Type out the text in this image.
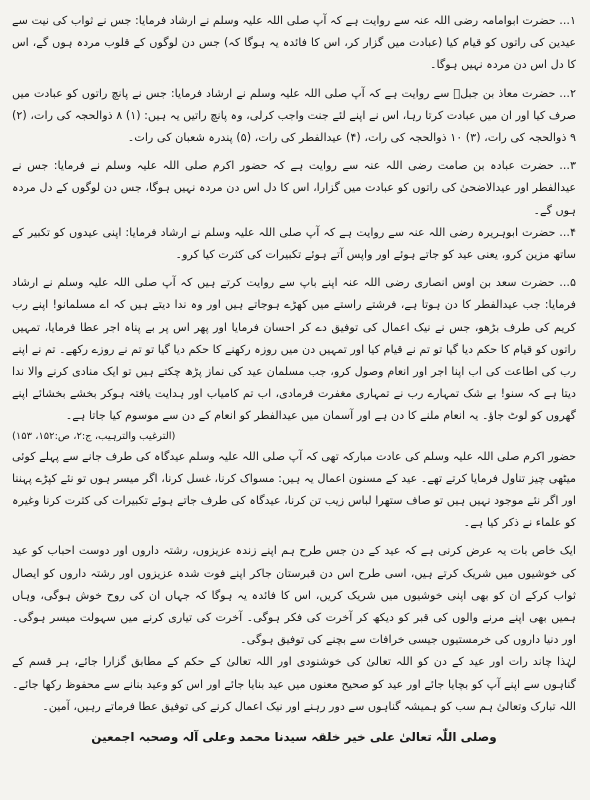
۱... حضرت ابوامامہ رضی اللہ عنہ سے روایت ہے کہ آپ صلی اللہ علیہ وسلم نے ارشاد فرمایا: جس نے ثواب کی نیت سے عیدین کی راتوں کو قیام کیا (عبادت میں گزار کر، اس کا فائدہ یہ ہوگا کہ) جس دن لوگوں کے قلوب مردہ ہوں گے، اس کا دل اس دن مردہ نہیں ہوگا۔

۲... حضرت معاذ بن جبلؓ سے روایت ہے کہ آپ صلی اللہ علیہ وسلم نے ارشاد فرمایا: جس نے پانچ راتوں کو عبادت میں صرف کیا اور ان میں عبادت کرتا رہا، اس نے اپنے لئے جنت واجب کرلی، وہ پانچ راتیں یہ ہیں: (۱) ۸ ذوالحجہ کی رات، (۲) ۹ ذوالحجہ کی رات، (۳) ۱۰ ذوالحجہ کی رات، (۴) عیدالفطر کی رات، (۵) پندرہ شعبان کی رات۔

۳... حضرت عبادہ بن صامت رضی اللہ عنہ سے روایت ہے کہ حضور اکرم صلی اللہ علیہ وسلم نے فرمایا: جس نے عیدالفطر اور عیدالاضحیٰ کی راتوں کو عبادت میں گزارا، اس کا دل اس دن مردہ نہیں ہوگا، جس دن لوگوں کے دل مردہ ہوں گے۔

۴... حضرت ابوہریرہ رضی اللہ عنہ سے روایت ہے کہ آپ صلی اللہ علیہ وسلم نے ارشاد فرمایا: اپنی عیدوں کو تکبیر کے ساتھ مزین کرو، یعنی عید کو جاتے ہوئے اور واپس آتے ہوئے تکبیرات کی کثرت کیا کرو۔

۵... حضرت سعد بن اوس انصاری رضی اللہ عنہ اپنے باپ سے روایت کرتے ہیں کہ آپ صلی اللہ علیہ وسلم نے ارشاد فرمایا: جب عیدالفطر کا دن ہوتا ہے، فرشتے راستے میں کھڑے ہوجاتے ہیں اور وہ ندا دیتے ہیں کہ اے مسلمانو! اپنے رب کریم کی طرف بڑھو، جس نے نیک اعمال کی توفیق دے کر احسان فرمایا اور پھر اس پر بے پناہ اجر عطا فرمایا، تمہیں راتوں کو قیام کا حکم دیا گیا تو تم نے قیام کیا اور تمہیں دن میں روزہ رکھنے کا حکم دیا گیا تو تم نے روزے رکھے۔ تم نے اپنے رب کی اطاعت کی اب اپنا اجر اور انعام وصول کرو، جب مسلمان عید کی نماز پڑھ چکتے ہیں تو ایک منادی کرنے والا ندا دیتا ہے کہ سنو! بے شک تمہارے رب نے تمہاری مغفرت فرمادی، اب تم کامیاب اور ہدایت یافتہ ہوکر بخشے بخشائے اپنے گھروں کو لوٹ جاؤ۔ یہ انعام ملنے کا دن ہے اور آسمان میں عیدالفطر کو انعام کے دن سے موسوم کیا جاتا ہے۔

(الترغیب والترہیب، ج:۲، ص:۱۵۲، ۱۵۳)

حضور اکرم صلی اللہ علیہ وسلم کی عادت مبارکہ تھی کہ آپ صلی اللہ علیہ وسلم عیدگاہ کی طرف جانے سے پہلے کوئی میٹھی چیز تناول فرمایا کرتے تھے۔ عید کے مسنون اعمال یہ ہیں: مسواک کرنا، غسل کرنا، اگر میسر ہوں تو نئے کپڑے پہننا اور اگر نئے موجود نہیں ہیں تو صاف ستھرا لباس زیب تن کرنا، عیدگاہ کی طرف جاتے ہوئے تکبیرات کی کثرت کرنا وغیرہ کو علماء نے ذکر کیا ہے۔

ایک خاص بات یہ عرض کرنی ہے کہ عید کے دن جس طرح ہم اپنے زندہ عزیزوں، رشتہ داروں اور دوست احباب کو عید کی خوشیوں میں شریک کرتے ہیں، اسی طرح اس دن قبرستان جاکر اپنے فوت شدہ عزیزوں اور رشتہ داروں کو ایصال ثواب کرکے ان کو بھی اپنی خوشیوں میں شریک کریں، اس کا فائدہ یہ ہوگا کہ جہاں ان کی روح خوش ہوگی، وہاں ہمیں بھی اپنے مرنے والوں کی قبر کو دیکھ کر آخرت کی فکر ہوگی۔ آخرت کی تیاری کرنے میں سہولت میسر ہوگی۔ اور دنیا داروں کی خرمستیوں جیسی خرافات سے بچنے کی توفیق ہوگی۔

لہٰذا چاند رات اور عید کے دن کو اللہ تعالیٰ کی خوشنودی اور اللہ تعالیٰ کے حکم کے مطابق گزارا جائے، ہر قسم کے گناہوں سے اپنے آپ کو بچایا جائے اور عید کو صحیح معنوں میں عید بنایا جائے اور اس کو وعید بنانے سے محفوظ رکھا جائے۔ اللہ تبارک وتعالیٰ ہم سب کو ہمیشہ گناہوں سے دور رہنے اور نیک اعمال کرنے کی توفیق عطا فرماتے رہیں، آمین۔

وصلی اللّٰہ تعالیٰ علی خیر خلقہ سیدنا محمد وعلی آلہ وصحبہ اجمعین
